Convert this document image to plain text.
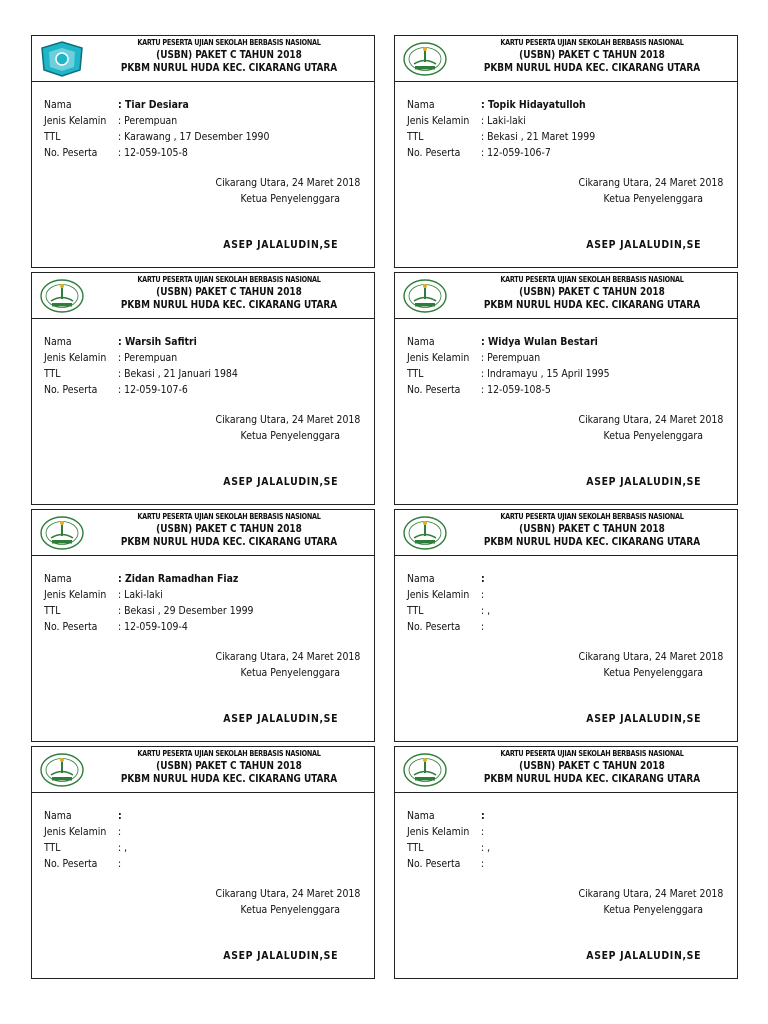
KARTU PESERTA UJIAN SEKOLAH BERBASIS NASIONAL
(USBN) PAKET C TAHUN 2018
PKBM NURUL HUDA KEC. CIKARANG UTARA
Nama	: Tiar Desiara
Jenis Kelamin : Perempuan
TTL	: Karawang , 17 Desember 1990
No. Peserta : 12-059-105-8
Cikarang Utara, 24 Maret 2018
Ketua Penyelenggara
ASEP JALALUDIN,SE
KARTU PESERTA UJIAN SEKOLAH BERBASIS NASIONAL
(USBN) PAKET C TAHUN 2018
PKBM NURUL HUDA KEC. CIKARANG UTARA
Nama	: Topik Hidayatulloh
Jenis Kelamin : Laki-laki
TTL	: Bekasi , 21 Maret 1999
No. Peserta : 12-059-106-7
Cikarang Utara, 24 Maret 2018
Ketua Penyelenggara
ASEP JALALUDIN,SE
KARTU PESERTA UJIAN SEKOLAH BERBASIS NASIONAL
(USBN) PAKET C TAHUN 2018
PKBM NURUL HUDA KEC. CIKARANG UTARA
Nama	: Warsih Safitri
Jenis Kelamin : Perempuan
TTL	: Bekasi , 21 Januari 1984
No. Peserta : 12-059-107-6
Cikarang Utara, 24 Maret 2018
Ketua Penyelenggara
ASEP JALALUDIN,SE
KARTU PESERTA UJIAN SEKOLAH BERBASIS NASIONAL
(USBN) PAKET C TAHUN 2018
PKBM NURUL HUDA KEC. CIKARANG UTARA
Nama	: Widya Wulan Bestari
Jenis Kelamin : Perempuan
TTL	: Indramayu , 15 April 1995
No. Peserta : 12-059-108-5
Cikarang Utara, 24 Maret 2018
Ketua Penyelenggara
ASEP JALALUDIN,SE
KARTU PESERTA UJIAN SEKOLAH BERBASIS NASIONAL
(USBN) PAKET C TAHUN 2018
PKBM NURUL HUDA KEC. CIKARANG UTARA
Nama	: Zidan Ramadhan Fiaz
Jenis Kelamin : Laki-laki
TTL	: Bekasi , 29 Desember 1999
No. Peserta : 12-059-109-4
Cikarang Utara, 24 Maret 2018
Ketua Penyelenggara
ASEP JALALUDIN,SE
KARTU PESERTA UJIAN SEKOLAH BERBASIS NASIONAL
(USBN) PAKET C TAHUN 2018
PKBM NURUL HUDA KEC. CIKARANG UTARA
Nama	:
Jenis Kelamin :
TTL	: ,
No. Peserta :
Cikarang Utara, 24 Maret 2018
Ketua Penyelenggara
ASEP JALALUDIN,SE
KARTU PESERTA UJIAN SEKOLAH BERBASIS NASIONAL
(USBN) PAKET C TAHUN 2018
PKBM NURUL HUDA KEC. CIKARANG UTARA
Nama	:
Jenis Kelamin :
TTL	: ,
No. Peserta :
Cikarang Utara, 24 Maret 2018
Ketua Penyelenggara
ASEP JALALUDIN,SE
KARTU PESERTA UJIAN SEKOLAH BERBASIS NASIONAL
(USBN) PAKET C TAHUN 2018
PKBM NURUL HUDA KEC. CIKARANG UTARA
Nama	:
Jenis Kelamin :
TTL	: ,
No. Peserta :
Cikarang Utara, 24 Maret 2018
Ketua Penyelenggara
ASEP JALALUDIN,SE
